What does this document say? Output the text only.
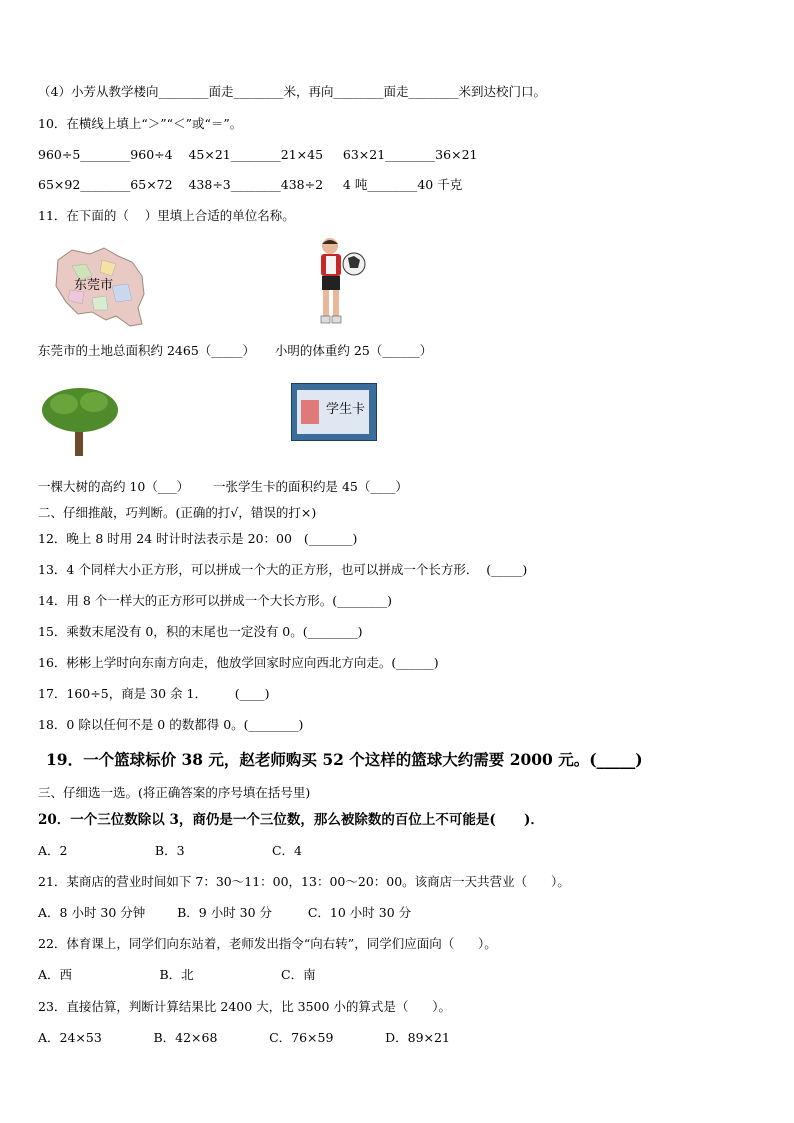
（4）小芳从教学楼向________面走________米，再向________面走________米到达校门口。
10．在横线上填上“＞”“＜”或“＝”。
960÷5________960÷4    45×21________21×45     63×21________36×21
65×92________65×72    438÷3________438÷2     4 吨________40 千克
11．在下面的（    ）里填上合适的单位名称。
东莞市
东莞市的土地总面积约 2465（_____）     小明的体重约 25（______）
学生卡
一棵大树的高约 10（___）      一张学生卡的面积约是 45（____）
二、仔细推敲，巧判断。(正确的打√，错误的打×)
12．晚上 8 时用 24 时计时法表示是 20：00   (_______)
13．4 个同样大小正方形，可以拼成一个大的正方形，也可以拼成一个长方形．  (_____)
14．用 8 个一样大的正方形可以拼成一个大长方形。(________)
15．乘数末尾没有 0，积的末尾也一定没有 0。(________)
16．彬彬上学时向东南方向走，他放学回家时应向西北方向走。(______)
17．160÷5，商是 30 余 1．       (____)
18．0 除以任何不是 0 的数都得 0。(________)
19．一个篮球标价 38 元，赵老师购买 52 个这样的篮球大约需要 2000 元。(_____)
三、仔细选一选。(将正确答案的序号填在括号里)
20．一个三位数除以 3，商仍是一个三位数，那么被除数的百位上不可能是(      )．
A．2                      B．3                      C．4
21．某商店的营业时间如下 7：30～11：00，13：00～20：00。该商店一天共营业（      ）。
A．8 小时 30 分钟        B．9 小时 30 分         C．10 小时 30 分
22．体育课上，同学们向东站着，老师发出指令“向右转”，同学们应面向（      ）。
A．西                      B．北                      C．南
23．直接估算，判断计算结果比 2400 大，比 3500 小的算式是（      ）。
A．24×53             B．42×68             C．76×59             D．89×21
